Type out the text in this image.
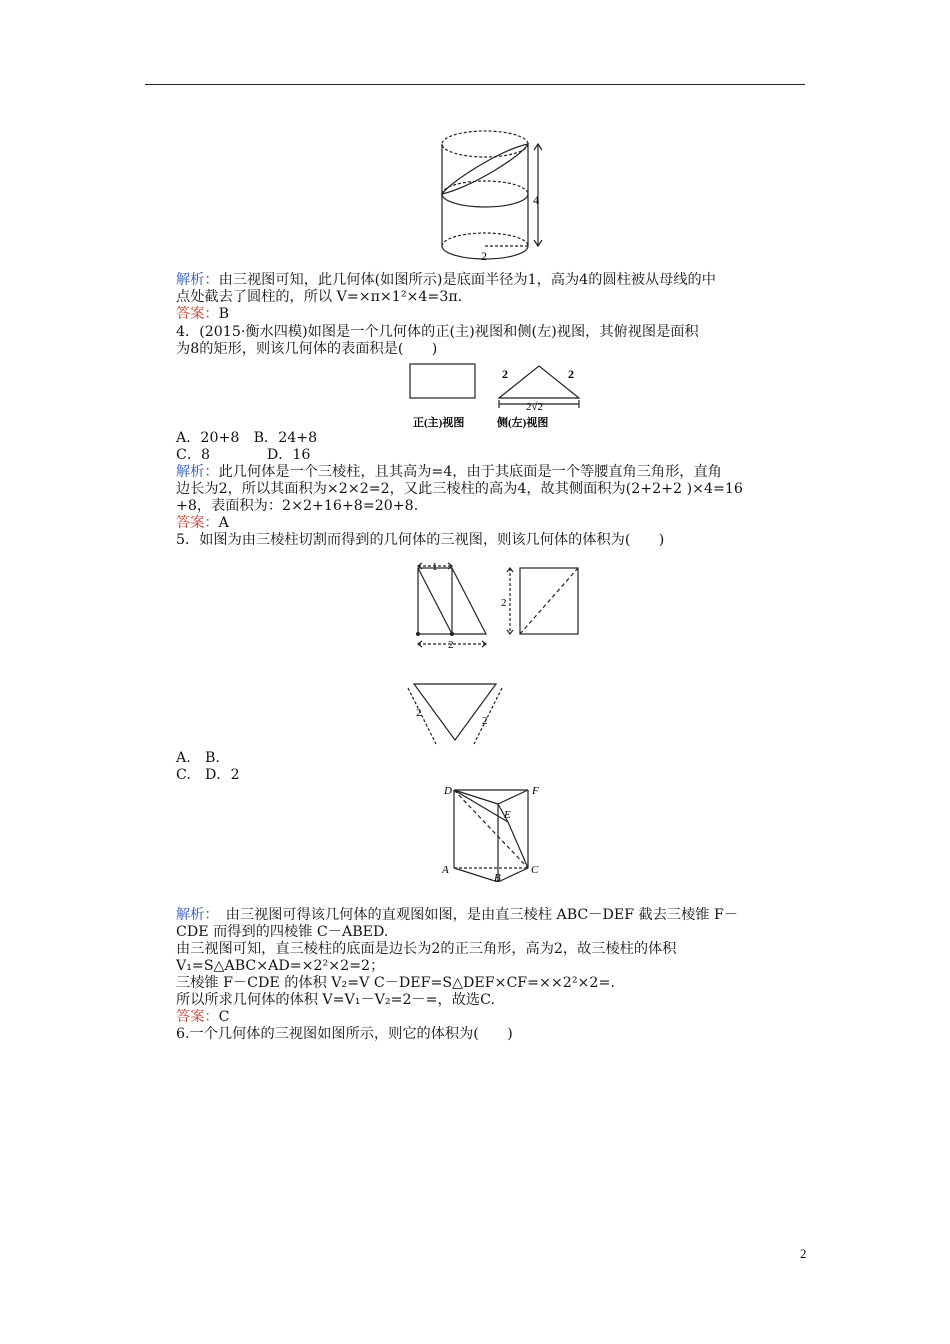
4
2
解析：由三视图可知，此几何体(如图所示)是底面半径为1，高为4的圆柱被从母线的中
点处截去了圆柱的，所以 V=×π×1²×4=3π.
答案：B
4．(2015·衡水四模)如图是一个几何体的正(主)视图和侧(左)视图，其俯视图是面积
为8的矩形，则该几何体的表面积是(　　)
2	2
2√2
正(主)视图	侧(左)视图
A．20+8　B．24+8
C．8　　　　D．16
解析：此几何体是一个三棱柱，且其高为=4，由于其底面是一个等腰直角三角形，直角
边长为2，所以其面积为×2×2=2，又此三棱柱的高为4，故其侧面积为(2+2+2 )×4=16
+8，表面积为：2×2+16+8=20+8.
答案：A
5．如图为由三棱柱切割而得到的几何体的三视图，则该几何体的体积为(　　)
1
2
2
2
2
A.　B.
C.　D．2
D	F
E
A	C
B
解析：　由三视图可得该几何体的直观图如图，是由直三棱柱 ABC－DEF 截去三棱锥 F－
CDE 而得到的四棱锥 C－ABED.
由三视图可知，直三棱柱的底面是边长为2的正三角形，高为2，故三棱柱的体积
V₁=S△ABC×AD=×2²×2=2；
三棱锥 F－CDE 的体积 V₂=V C－DEF=S△DEF×CF=××2²×2=.
所以所求几何体的体积 V=V₁－V₂=2－=，故选C.
答案：C
6.一个几何体的三视图如图所示，则它的体积为(　　)
2
